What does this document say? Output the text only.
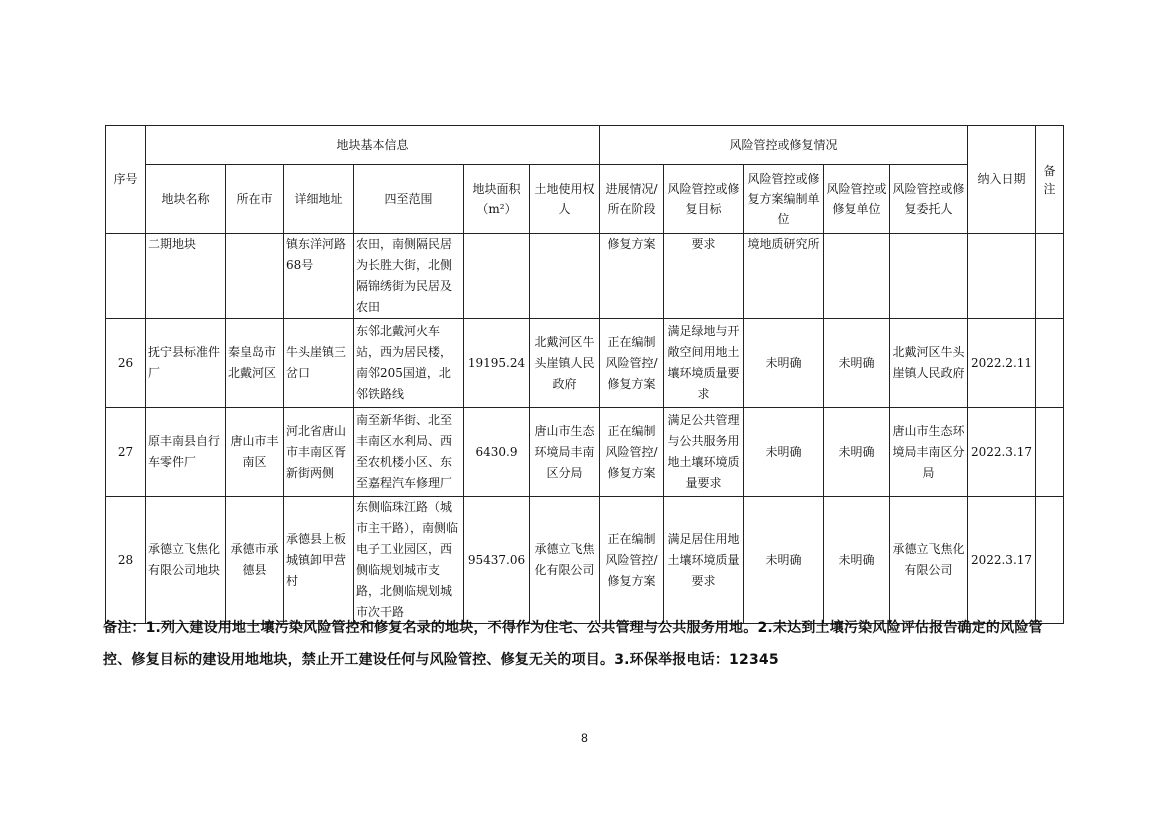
序号	地块基本信息						风险管控或修复情况					纳入日期	备注
	地块名称	所在市	详细地址	四至范围	地块面积（m²）	土地使用权人	进展情况/所在阶段	风险管控或修复目标	风险管控或修复方案编制单位	风险管控或修复单位	风险管控或修复委托人		
	二期地块		镇东洋河路68号	农田，南侧隔民居为长胜大街，北侧隔锦绣街为民居及农田			修复方案	要求	境地质研究所				
26	抚宁县标准件厂	秦皇岛市北戴河区	牛头崖镇三岔口	东邻北戴河火车站，西为居民楼，南邻205国道，北邻铁路线	19195.24	北戴河区牛头崖镇人民政府	正在编制风险管控/修复方案	满足绿地与开敞空间用地土壤环境质量要求	未明确	未明确	北戴河区牛头崖镇人民政府	2022.2.11	
27	原丰南县自行车零件厂	唐山市丰南区	河北省唐山市丰南区胥新街两侧	南至新华街、北至丰南区水利局、西至农机楼小区、东至嘉程汽车修理厂	6430.9	唐山市生态环境局丰南区分局	正在编制风险管控/修复方案	满足公共管理与公共服务用地土壤环境质量要求	未明确	未明确	唐山市生态环境局丰南区分局	2022.3.17	
28	承德立飞焦化有限公司地块	承德市承德县	承德县上板城镇卸甲营村	东侧临珠江路（城市主干路），南侧临电子工业园区，西侧临规划城市支路，北侧临规划城市次干路	95437.06	承德立飞焦化有限公司	正在编制风险管控/修复方案	满足居住用地土壤环境质量要求	未明确	未明确	承德立飞焦化有限公司	2022.3.17	
备注：1.列入建设用地土壤污染风险管控和修复名录的地块，不得作为住宅、公共管理与公共服务用地。2.未达到土壤污染风险评估报告确定的风险管控、修复目标的建设用地地块，禁止开工建设任何与风险管控、修复无关的项目。3.环保举报电话：12345
8
